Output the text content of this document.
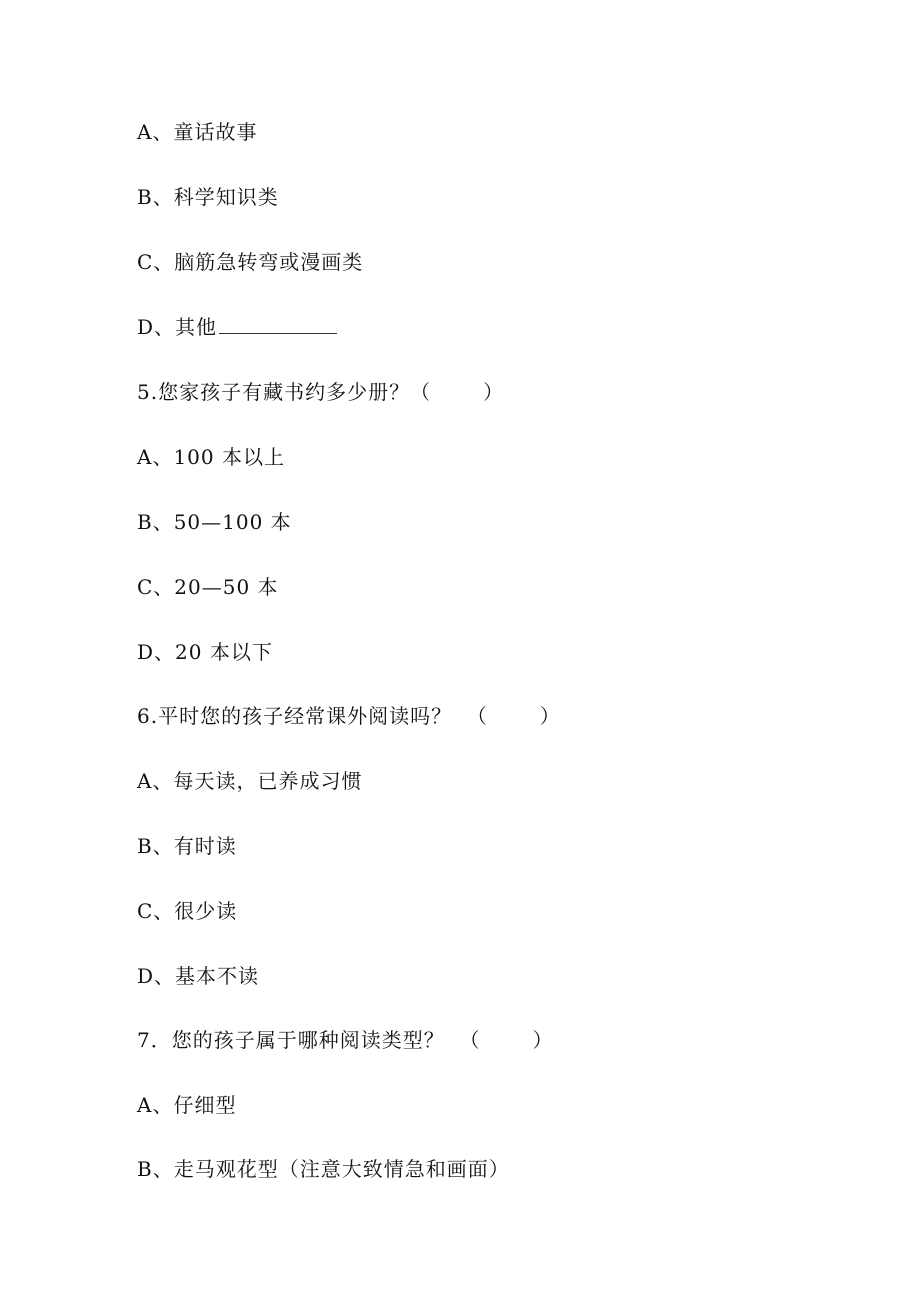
A、童话故事
B、科学知识类
C、脑筋急转弯或漫画类
D、其他
5.您家孩子有藏书约多少册？（	）
A、100 本以上
B、50—100 本
C、20—50 本
D、20 本以下
6.平时您的孩子经常课外阅读吗？  （	）
A、每天读，已养成习惯
B、有时读
C、很少读
D、基本不读
7．您的孩子属于哪种阅读类型？  （	）
A、仔细型
B、走马观花型（注意大致情急和画面）
